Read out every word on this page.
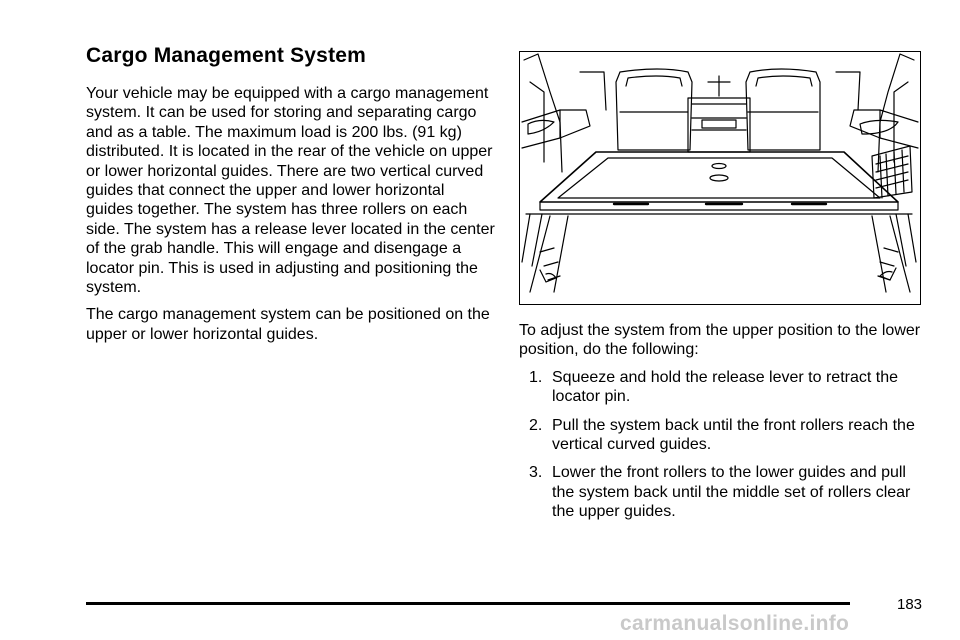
Cargo Management System

Your vehicle may be equipped with a cargo management system. It can be used for storing and separating cargo and as a table. The maximum load is 200 lbs. (91 kg) distributed. It is located in the rear of the vehicle on upper or lower horizontal guides. There are two vertical curved guides that connect the upper and lower horizontal guides together. The system has three rollers on each side. The system has a release lever located in the center of the grab handle. This will engage and disengage a locator pin. This is used in adjusting and positioning the system.

The cargo management system can be positioned on the upper or lower horizontal guides.	To adjust the system from the upper position to the lower position, do the following:

1. Squeeze and hold the release lever to retract the locator pin.
2. Pull the system back until the front rollers reach the vertical curved guides.
3. Lower the front rollers to the lower guides and pull the system back until the middle set of rollers clear the upper guides.
183
carmanualsonline.info
